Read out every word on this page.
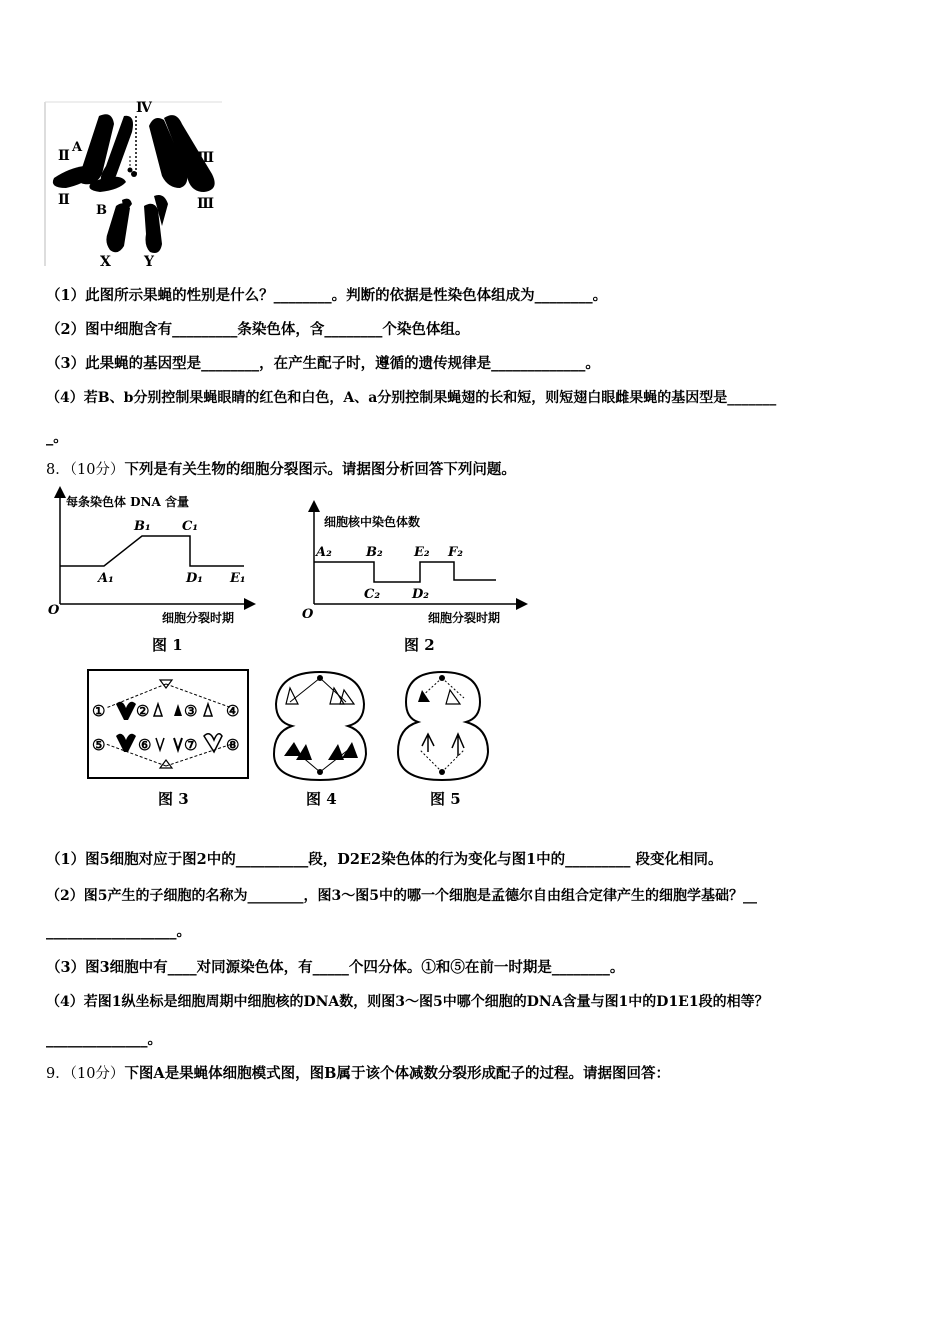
Ⅳ
Ⅱ
A
Ⅲ
a
Ⅱ
B	Ⅲ
X Y
（1）此图所示果蝇的性别是什么？________。判断的依据是性染色体组成为________。
（2）图中细胞含有_________条染色体，含________个染色体组。
（3）此果蝇的基因型是________，在产生配子时，遵循的遗传规律是_____________。
（4）若B、b分别控制果蝇眼睛的红色和白色，A、a分别控制果蝇翅的长和短，则短翅白眼雌果蝇的基因型是_______
_。
8．（10分）下列是有关生物的细胞分裂图示。请据图分析回答下列问题。
每条染色体 DNA 含量
细胞分裂时期
O
A₁
B₁ C₁
D₁ E₁
图 1
细胞核中染色体数
细胞分裂时期
O
A₂	B₂
C₂ D₂
E₂ F₂
图 2
① ② ③ ④
⑤ ⑥ ⑦ ⑧
图 3	图 4	图 5
（1）图5细胞对应于图2中的__________段，D2E2染色体的行为变化与图1中的_________ 段变化相同。
（2）图5产生的子细胞的名称为________，图3～图5中的哪一个细胞是孟德尔自由组合定律产生的细胞学基础？__
__________________。
（3）图3细胞中有____对同源染色体，有_____个四分体。①和⑤在前一时期是________。
（4）若图1纵坐标是细胞周期中细胞核的DNA数，则图3～图5中哪个细胞的DNA含量与图1中的D1E1段的相等？
______________。
9．（10分）下图A是果蝇体细胞模式图，图B属于该个体减数分裂形成配子的过程。请据图回答：
